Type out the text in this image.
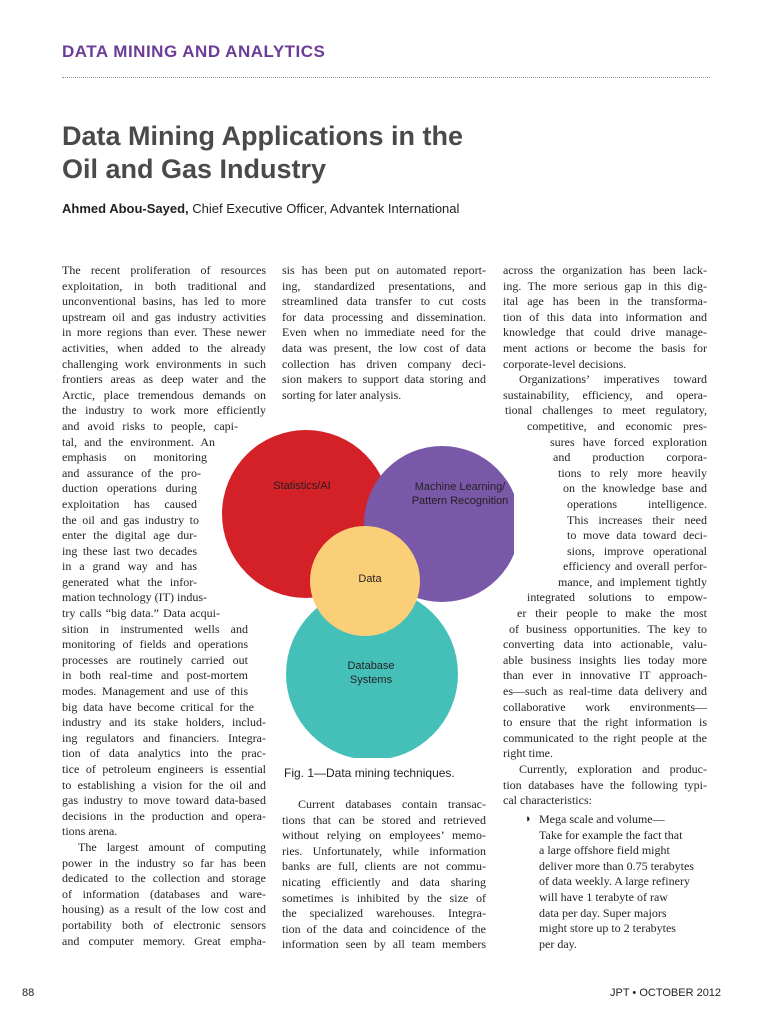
DATA MINING AND ANALYTICS
Data Mining Applications in the
Oil and Gas Industry
Ahmed Abou-Sayed, Chief Executive Officer, Advantek International
The recent proliferation of resources
exploitation, in both traditional and
unconventional basins, has led to more
upstream oil and gas industry activities
in more regions than ever. These newer
activities, when added to the already
challenging work environments in such
frontiers areas as deep water and the
Arctic, place tremendous demands on
the industry to work more efficiently
and avoid risks to people, capi-
tal, and the environment. An
emphasis on monitoring
and assurance of the pro-
duction operations during
exploitation has caused
the oil and gas industry to
enter the digital age dur-
ing these last two decades
in a grand way and has
generated what the infor-
mation technology (IT) indus-
try calls “big data.” Data acqui-
sition in instrumented wells and
monitoring of fields and operations
processes are routinely carried out
in both real-time and post-mortem
modes. Management and use of this
big data have become critical for the
industry and its stake holders, includ-
ing regulators and financiers. Integra-
tion of data analytics into the prac-
tice of petroleum engineers is essential
to establishing a vision for the oil and
gas industry to move toward data-based
decisions in the production and opera-
tions arena.
The largest amount of computing
power in the industry so far has been
dedicated to the collection and storage
of information (databases and ware-
housing) as a result of the low cost and
portability both of electronic sensors
and computer memory. Great empha-
sis has been put on automated report-
ing, standardized presentations, and
streamlined data transfer to cut costs
for data processing and dissemination.
Even when no immediate need for the
data was present, the low cost of data
collection has driven company deci-
sion makers to support data storing and
sorting for later analysis.
Statistics/AI	Machine Learning/
Pattern Recognition
Data
Database
Systems
Fig. 1—Data mining techniques.
Current databases contain transac-
tions that can be stored and retrieved
without relying on employees’ memo-
ries. Unfortunately, while information
banks are full, clients are not commu-
nicating efficiently and data sharing
sometimes is inhibited by the size of
the specialized warehouses. Integra-
tion of the data and coincidence of the
information seen by all team members
across the organization has been lack-
ing. The more serious gap in this dig-
ital age has been in the transforma-
tion of this data into information and
knowledge that could drive manage-
ment actions or become the basis for
corporate-level decisions.
Organizations’ imperatives toward
sustainability, efficiency, and opera-
tional challenges to meet regulatory,
competitive, and economic pres-
sures have forced exploration
and production corpora-
tions to rely more heavily
on the knowledge base and
operations intelligence.
This increases their need
to move data toward deci-
sions, improve operational
efficiency and overall perfor-
mance, and implement tightly
integrated solutions to empow-
er their people to make the most
of business opportunities. The key to
converting data into actionable, valu-
able business insights lies today more
than ever in innovative IT approach-
es—such as real-time data delivery and
collaborative work environments—
to ensure that the right information is
communicated to the right people at the
right time.
Currently, exploration and produc-
tion databases have the following typi-
cal characteristics:
◗ Mega scale and volume—
Take for example the fact that
a large offshore field might
deliver more than 0.75 terabytes
of data weekly. A large refinery
will have 1 terabyte of raw
data per day. Super majors
might store up to 2 terabytes
per day.
88	JPT • OCTOBER 2012
